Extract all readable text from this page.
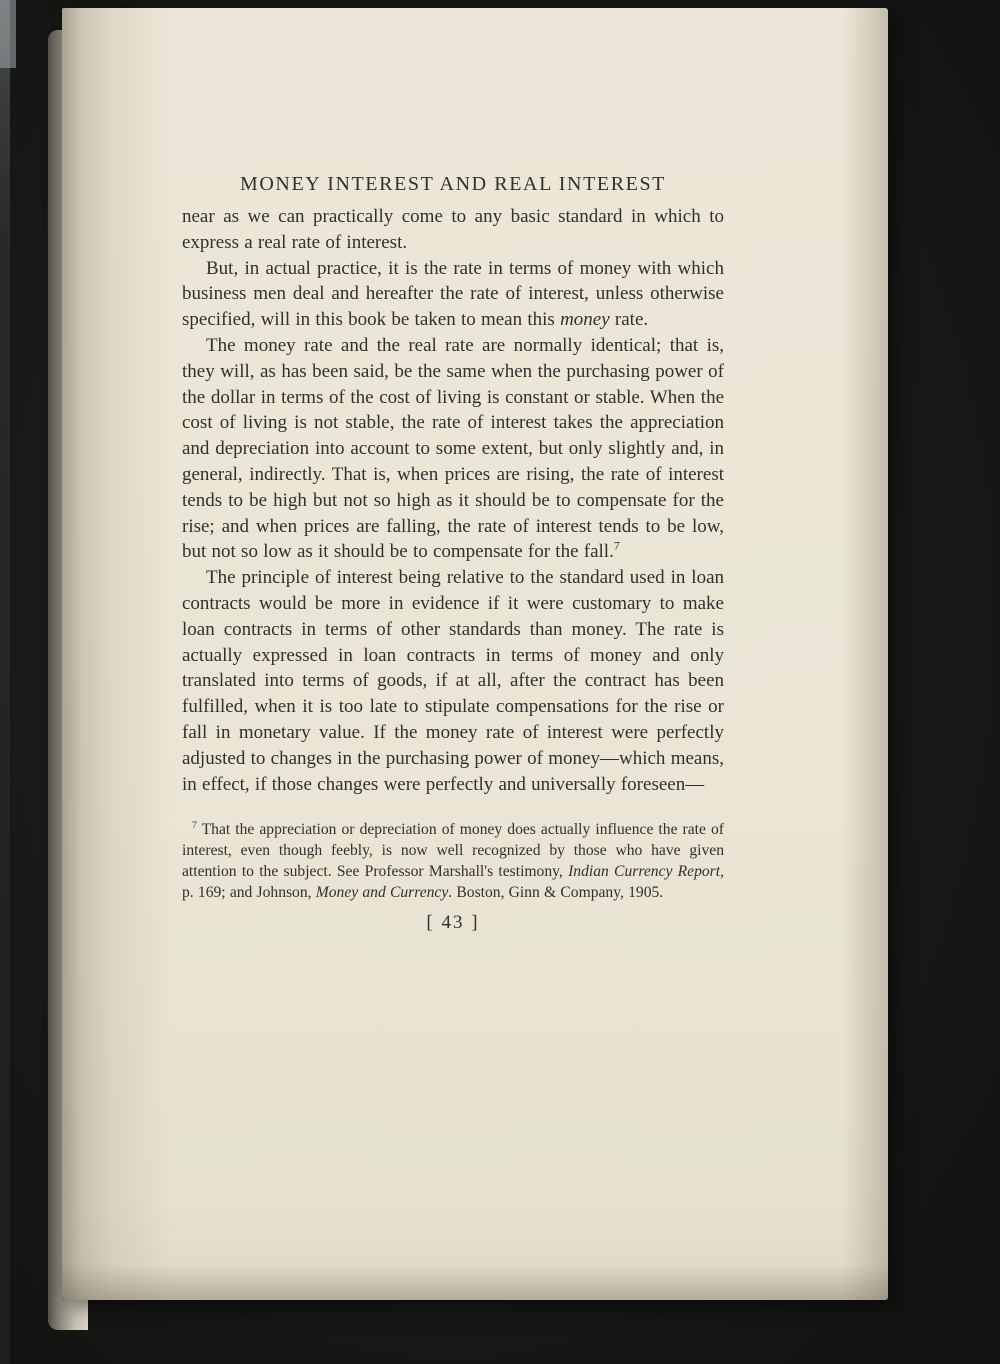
MONEY INTEREST AND REAL INTEREST

near as we can practically come to any basic standard in which to express a real rate of interest.

But, in actual practice, it is the rate in terms of money with which business men deal and hereafter the rate of interest, unless otherwise specified, will in this book be taken to mean this money rate.

The money rate and the real rate are normally identical; that is, they will, as has been said, be the same when the purchasing power of the dollar in terms of the cost of living is constant or stable. When the cost of living is not stable, the rate of interest takes the appreciation and depreciation into account to some extent, but only slightly and, in general, indirectly. That is, when prices are rising, the rate of interest tends to be high but not so high as it should be to compensate for the rise; and when prices are falling, the rate of interest tends to be low, but not so low as it should be to compensate for the fall.$^7$

The principle of interest being relative to the standard used in loan contracts would be more in evidence if it were customary to make loan contracts in terms of other standards than money. The rate is actually expressed in loan contracts in terms of money and only translated into terms of goods, if at all, after the contract has been fulfilled, when it is too late to stipulate compensations for the rise or fall in monetary value. If the money rate of interest were perfectly adjusted to changes in the purchasing power of money—which means, in effect, if those changes were perfectly and universally foreseen—

$^7$ That the appreciation or depreciation of money does actually influence the rate of interest, even though feebly, is now well recognized by those who have given attention to the subject. See Professor Marshall's testimony, Indian Currency Report, p. 169; and Johnson, Money and Currency. Boston, Ginn & Company, 1905.
[ 43 ]
